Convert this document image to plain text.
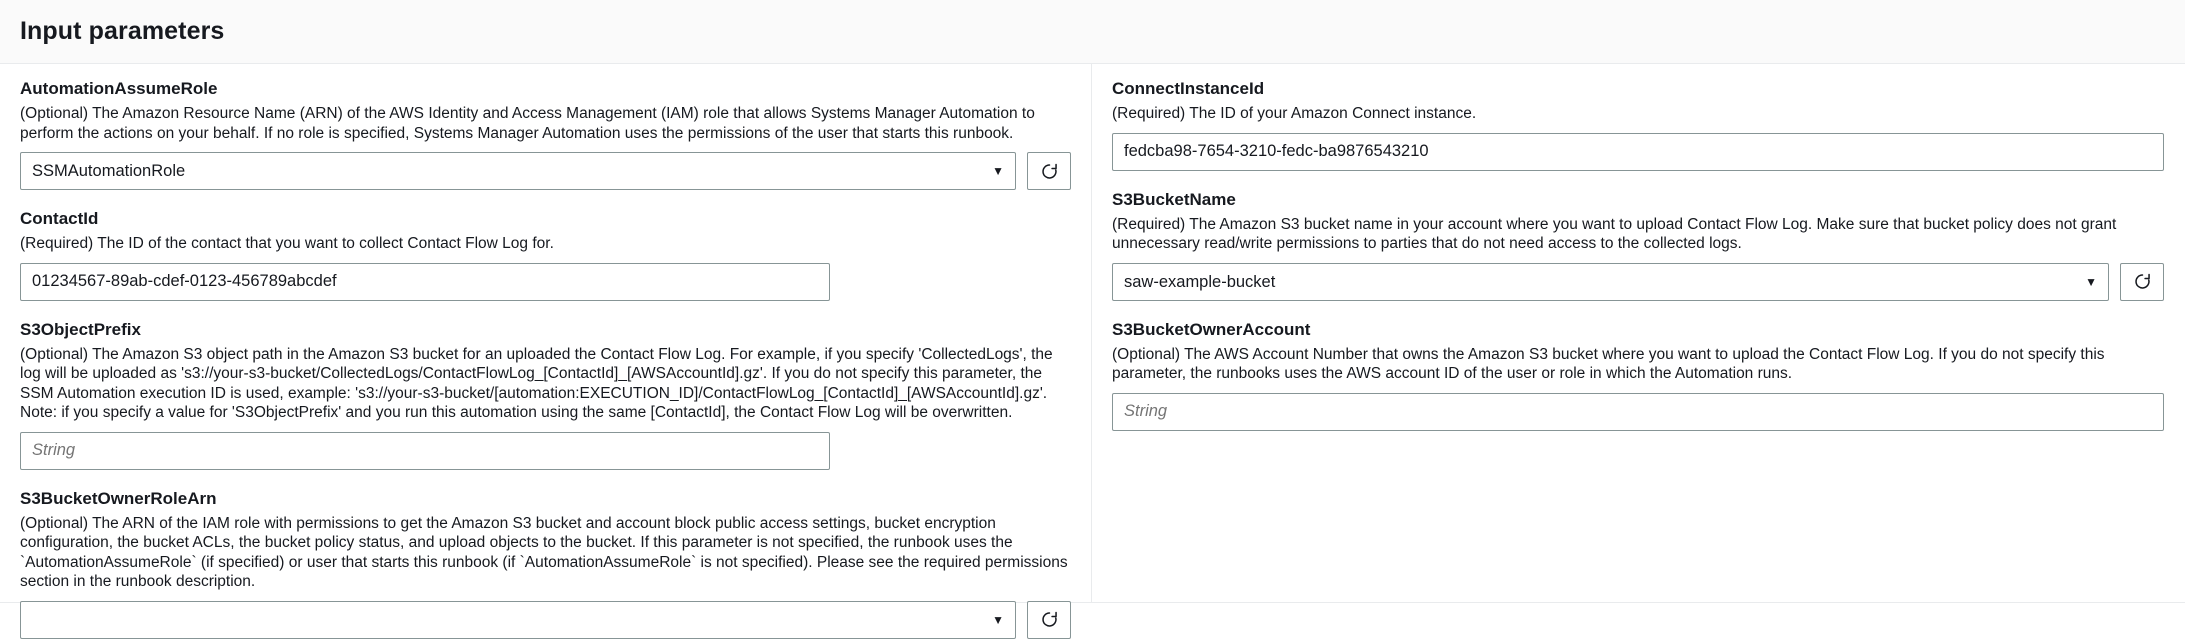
Input parameters
AutomationAssumeRole
(Optional) The Amazon Resource Name (ARN) of the AWS Identity and Access Management (IAM) role that allows Systems Manager Automation to perform the actions on your behalf. If no role is specified, Systems Manager Automation uses the permissions of the user that starts this runbook.
SSMAutomationRole	▼
ContactId
(Required) The ID of the contact that you want to collect Contact Flow Log for.
01234567-89ab-cdef-0123-456789abcdef
S3ObjectPrefix
(Optional) The Amazon S3 object path in the Amazon S3 bucket for an uploaded the Contact Flow Log. For example, if you specify 'CollectedLogs', the log will be uploaded as 's3://your-s3-bucket/CollectedLogs/ContactFlowLog_[ContactId]_[AWSAccountId].gz'. If you do not specify this parameter, the SSM Automation execution ID is used, example: 's3://your-s3-bucket/[automation:EXECUTION_ID]/ContactFlowLog_[ContactId]_[AWSAccountId].gz'. Note: if you specify a value for 'S3ObjectPrefix' and you run this automation using the same [ContactId], the Contact Flow Log will be overwritten.
String
S3BucketOwnerRoleArn
(Optional) The ARN of the IAM role with permissions to get the Amazon S3 bucket and account block public access settings, bucket encryption configuration, the bucket ACLs, the bucket policy status, and upload objects to the bucket. If this parameter is not specified, the runbook uses the `AutomationAssumeRole` (if specified) or user that starts this runbook (if `AutomationAssumeRole` is not specified). Please see the required permissions section in the runbook description.
▼
ConnectInstanceId
(Required) The ID of your Amazon Connect instance.
fedcba98-7654-3210-fedc-ba9876543210
S3BucketName
(Required) The Amazon S3 bucket name in your account where you want to upload Contact Flow Log. Make sure that bucket policy does not grant unnecessary read/write permissions to parties that do not need access to the collected logs.
saw-example-bucket	▼
S3BucketOwnerAccount
(Optional) The AWS Account Number that owns the Amazon S3 bucket where you want to upload the Contact Flow Log. If you do not specify this parameter, the runbooks uses the AWS account ID of the user or role in which the Automation runs.
String
